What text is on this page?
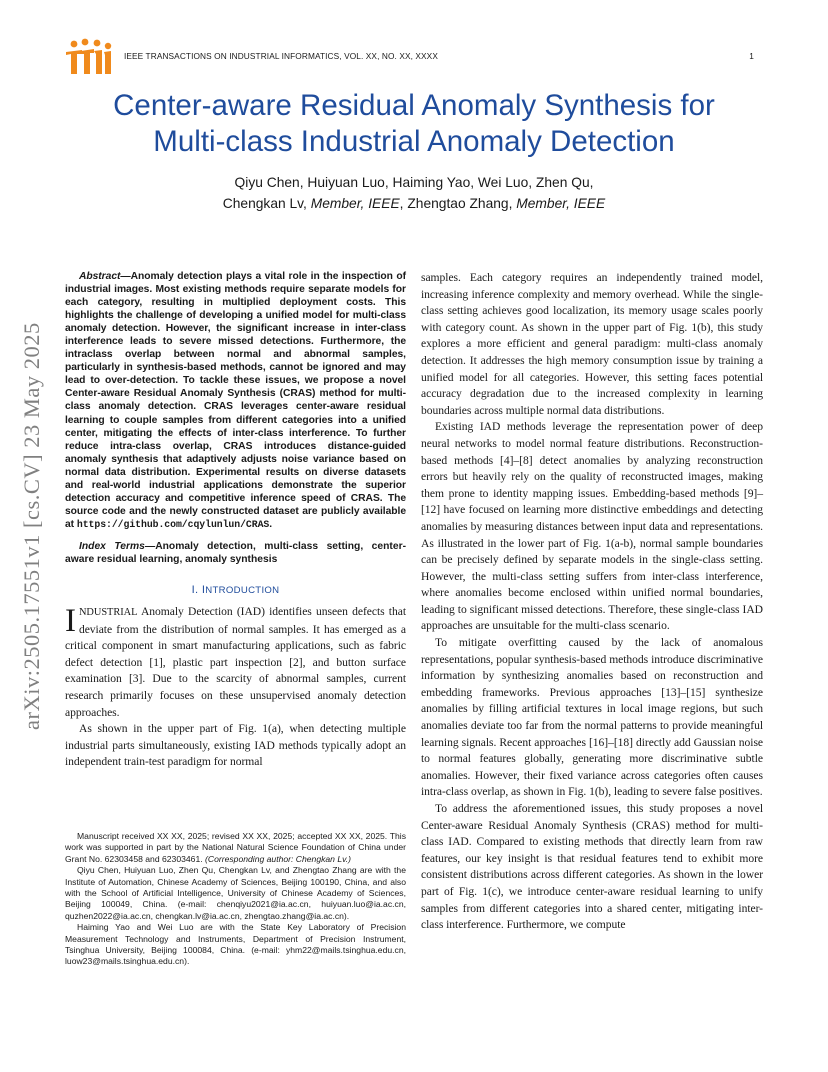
IEEE TRANSACTIONS ON INDUSTRIAL INFORMATICS, VOL. XX, NO. XX, XXXX	1
Center-aware Residual Anomaly Synthesis for
Multi-class Industrial Anomaly Detection
Qiyu Chen, Huiyuan Luo, Haiming Yao, Wei Luo, Zhen Qu,
Chengkan Lv, Member, IEEE, Zhengtao Zhang, Member, IEEE
arXiv:2505.17551v1 [cs.CV] 23 May 2025
Abstract—Anomaly detection plays a vital role in the inspection of industrial images. Most existing methods require separate models for each category, resulting in multiplied deployment costs. This highlights the challenge of developing a unified model for multi-class anomaly detection. However, the significant increase in inter-class interference leads to severe missed detections. Furthermore, the intraclass overlap between normal and abnormal samples, particularly in synthesis-based methods, cannot be ignored and may lead to over-detection. To tackle these issues, we propose a novel Center-aware Residual Anomaly Synthesis (CRAS) method for multi-class anomaly detection. CRAS leverages center-aware residual learning to couple samples from different categories into a unified center, mitigating the effects of inter-class interference. To further reduce intra-class overlap, CRAS introduces distance-guided anomaly synthesis that adaptively adjusts noise variance based on normal data distribution. Experimental results on diverse datasets and real-world industrial applications demonstrate the superior detection accuracy and competitive inference speed of CRAS. The source code and the newly constructed dataset are publicly available at https://github.com/cqylunlun/CRAS.
Index Terms—Anomaly detection, multi-class setting, center-aware residual learning, anomaly synthesis
I. INTRODUCTION

INDUSTRIAL Anomaly Detection (IAD) identifies unseen defects that deviate from the distribution of normal samples. It has emerged as a critical component in smart manufacturing applications, such as fabric defect detection [1], plastic part inspection [2], and button surface examination [3]. Due to the scarcity of abnormal samples, current research primarily focuses on these unsupervised anomaly detection approaches.

As shown in the upper part of Fig. 1(a), when detecting multiple industrial parts simultaneously, existing IAD methods typically adopt an independent train-test paradigm for normal

Manuscript received XX XX, 2025; revised XX XX, 2025; accepted XX XX, 2025. This work was supported in part by the National Natural Science Foundation of China under Grant No. 62303458 and 62303461. (Corresponding author: Chengkan Lv.)

Qiyu Chen, Huiyuan Luo, Zhen Qu, Chengkan Lv, and Zhengtao Zhang are with the Institute of Automation, Chinese Academy of Sciences, Beijing 100190, China, and also with the School of Artificial Intelligence, University of Chinese Academy of Sciences, Beijing 100049, China. (e-mail: chenqiyu2021@ia.ac.cn, huiyuan.luo@ia.ac.cn, quzhen2022@ia.ac.cn, chengkan.lv@ia.ac.cn, zhengtao.zhang@ia.ac.cn).

Haiming Yao and Wei Luo are with the State Key Laboratory of Precision Measurement Technology and Instruments, Department of Precision Instrument, Tsinghua University, Beijing 100084, China. (e-mail: yhm22@mails.tsinghua.edu.cn, luow23@mails.tsinghua.edu.cn).

samples. Each category requires an independently trained model, increasing inference complexity and memory overhead. While the single-class setting achieves good localization, its memory usage scales poorly with category count. As shown in the upper part of Fig. 1(b), this study explores a more efficient and general paradigm: multi-class anomaly detection. It addresses the high memory consumption issue by training a unified model for all categories. However, this setting faces potential accuracy degradation due to the increased complexity in learning boundaries across multiple normal data distributions.

Existing IAD methods leverage the representation power of deep neural networks to model normal feature distributions. Reconstruction-based methods [4]–[8] detect anomalies by analyzing reconstruction errors but heavily rely on the quality of reconstructed images, making them prone to identity mapping issues. Embedding-based methods [9]–[12] have focused on learning more distinctive embeddings and detecting anomalies by measuring distances between input data and representations. As illustrated in the lower part of Fig. 1(a-b), normal sample boundaries can be precisely defined by separate models in the single-class setting. However, the multi-class setting suffers from inter-class interference, where anomalies become enclosed within unified normal boundaries, leading to significant missed detections. Therefore, these single-class IAD approaches are unsuitable for the multi-class scenario.

To mitigate overfitting caused by the lack of anomalous representations, popular synthesis-based methods introduce discriminative information by synthesizing anomalies based on reconstruction and embedding frameworks. Previous approaches [13]–[15] synthesize anomalies by filling artificial textures in local image regions, but such anomalies deviate too far from the normal patterns to provide meaningful learning signals. Recent approaches [16]–[18] directly add Gaussian noise to normal features globally, generating more discriminative subtle anomalies. However, their fixed variance across categories often causes intra-class overlap, as shown in Fig. 1(b), leading to severe false positives.

To address the aforementioned issues, this study proposes a novel Center-aware Residual Anomaly Synthesis (CRAS) method for multi-class IAD. Compared to existing methods that directly learn from raw features, our key insight is that residual features tend to exhibit more consistent distributions across different categories. As shown in the lower part of Fig. 1(c), we introduce center-aware residual learning to unify samples from different categories into a shared center, mitigating inter-class interference. Furthermore, we compute
